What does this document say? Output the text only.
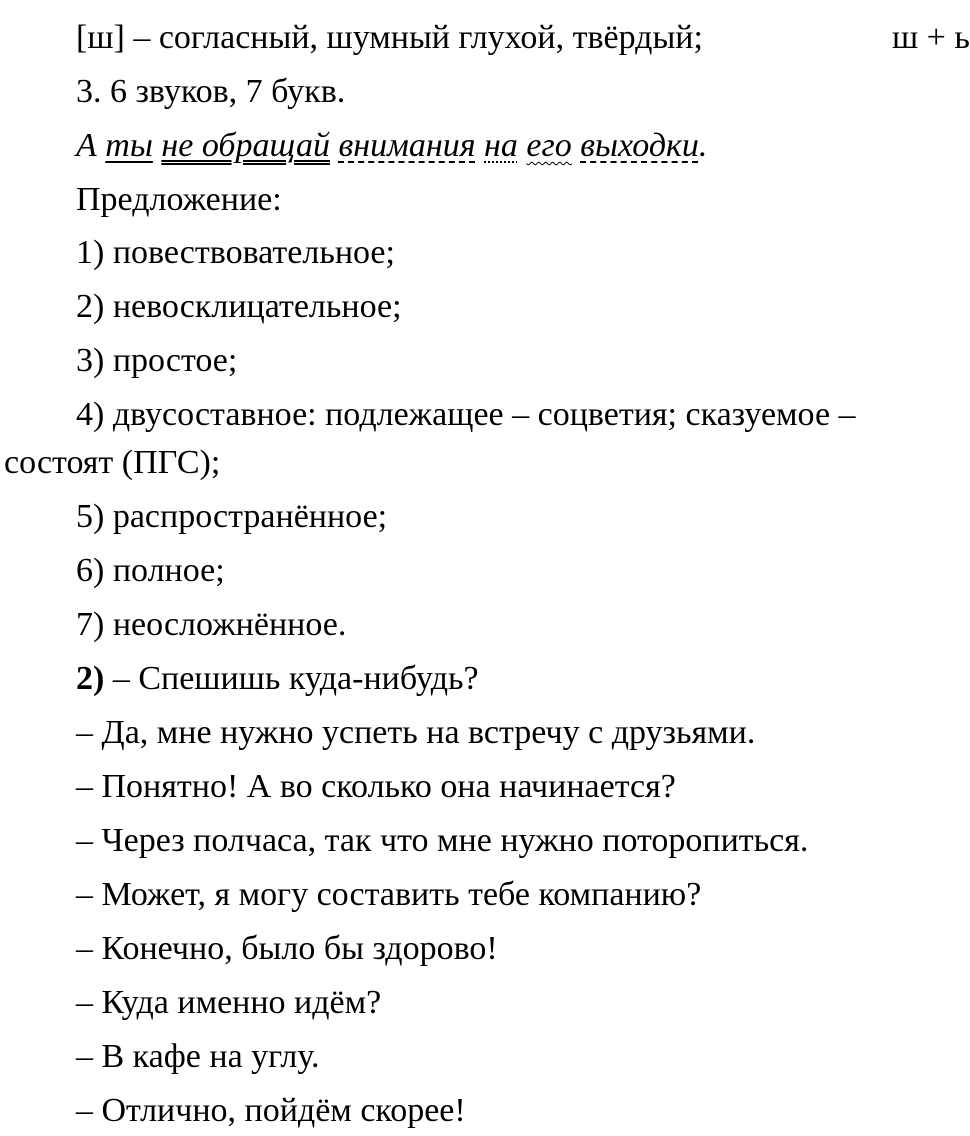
[ш] – согласный, шумный глухой, твёрдый;	ш + ь
3. 6 звуков, 7 букв.
А ты не обращай внимания на его выходки.
Предложение:
1) повествовательное;
2) невосклицательное;
3) простое;
4) двусоставное: подлежащее – соцветия; сказуемое –
состоят (ПГС);
5) распространённое;
6) полное;
7) неосложнённое.
2) – Спешишь куда-нибудь?
– Да, мне нужно успеть на встречу с друзьями.
– Понятно! А во сколько она начинается?
– Через полчаса, так что мне нужно поторопиться.
– Может, я могу составить тебе компанию?
– Конечно, было бы здорово!
– Куда именно идём?
– В кафе на углу.
– Отлично, пойдём скорее!
